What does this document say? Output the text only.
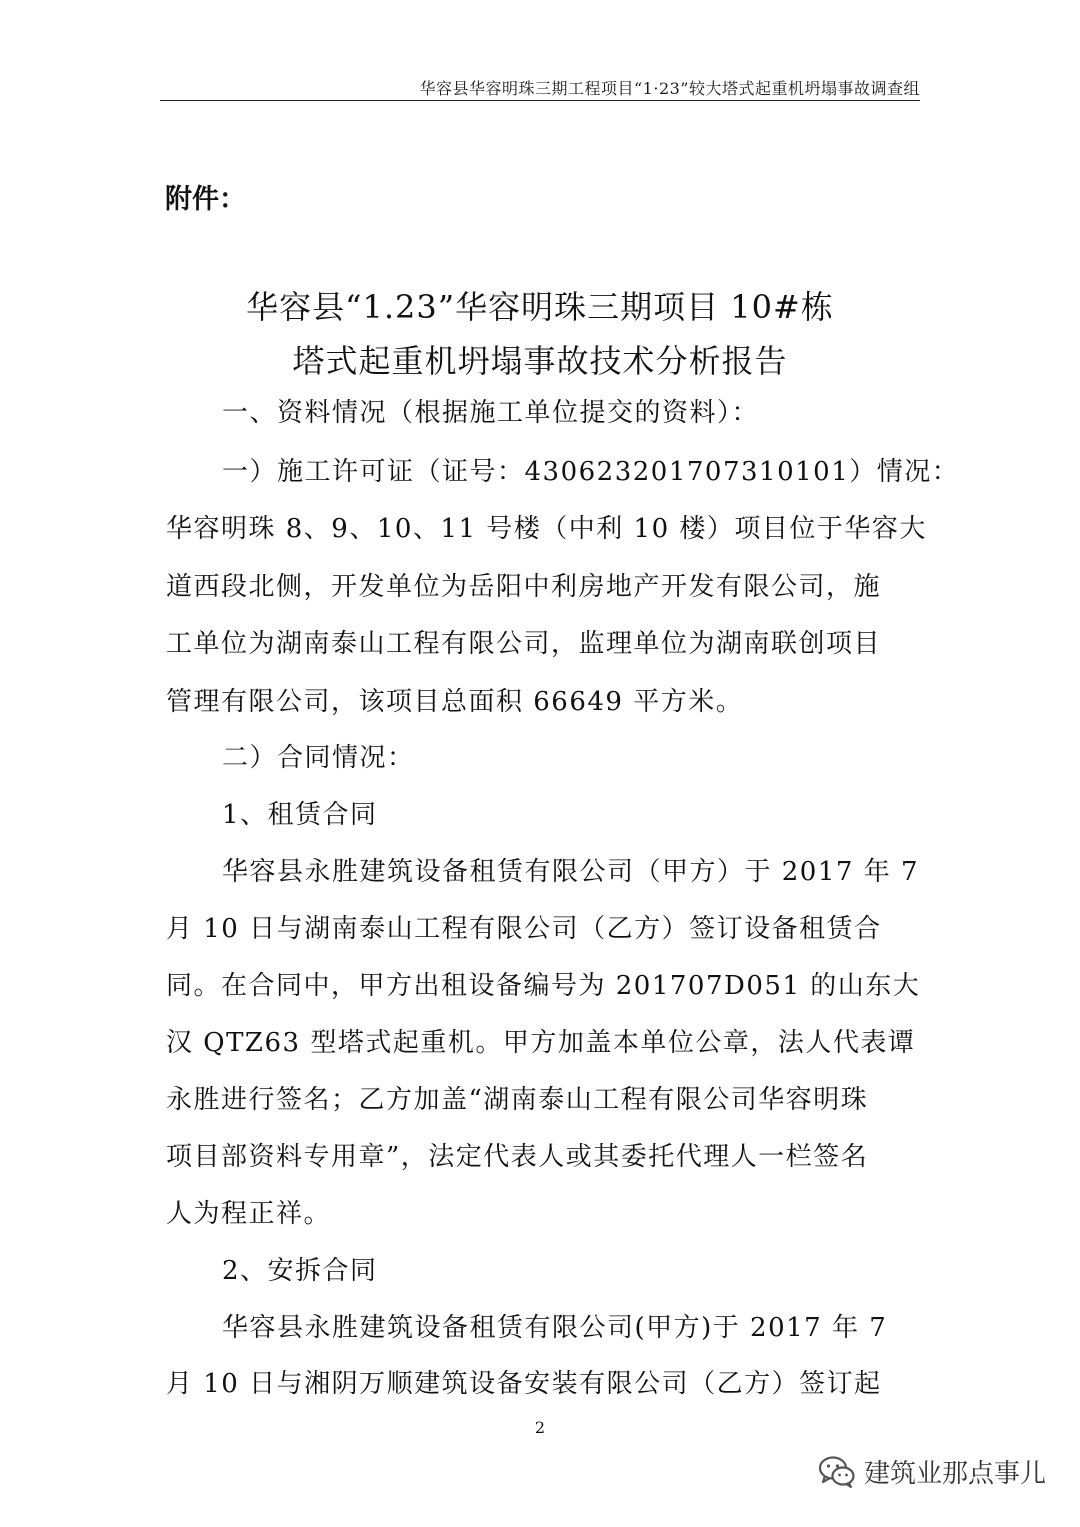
华容县华容明珠三期工程项目“1·23”较大塔式起重机坍塌事故调查组
附件：
华容县“1.23”华容明珠三期项目 10#栋
塔式起重机坍塌事故技术分析报告
一、资料情况（根据施工单位提交的资料）：
一）施工许可证（证号：430623201707310101）情况：
华容明珠 8、9、10、11 号楼（中利 10 楼）项目位于华容大
道西段北侧，开发单位为岳阳中利房地产开发有限公司，施
工单位为湖南泰山工程有限公司，监理单位为湖南联创项目
管理有限公司，该项目总面积 66649 平方米。
二）合同情况：
1、租赁合同
华容县永胜建筑设备租赁有限公司（甲方）于 2017 年 7
月 10 日与湖南泰山工程有限公司（乙方）签订设备租赁合
同。在合同中，甲方出租设备编号为 201707D051 的山东大
汉 QTZ63 型塔式起重机。甲方加盖本单位公章，法人代表谭
永胜进行签名；乙方加盖“湖南泰山工程有限公司华容明珠
项目部资料专用章”，法定代表人或其委托代理人一栏签名
人为程正祥。
2、安拆合同
华容县永胜建筑设备租赁有限公司(甲方)于 2017 年 7
月 10 日与湘阴万顺建筑设备安装有限公司（乙方）签订起
2
建筑业那点事儿
